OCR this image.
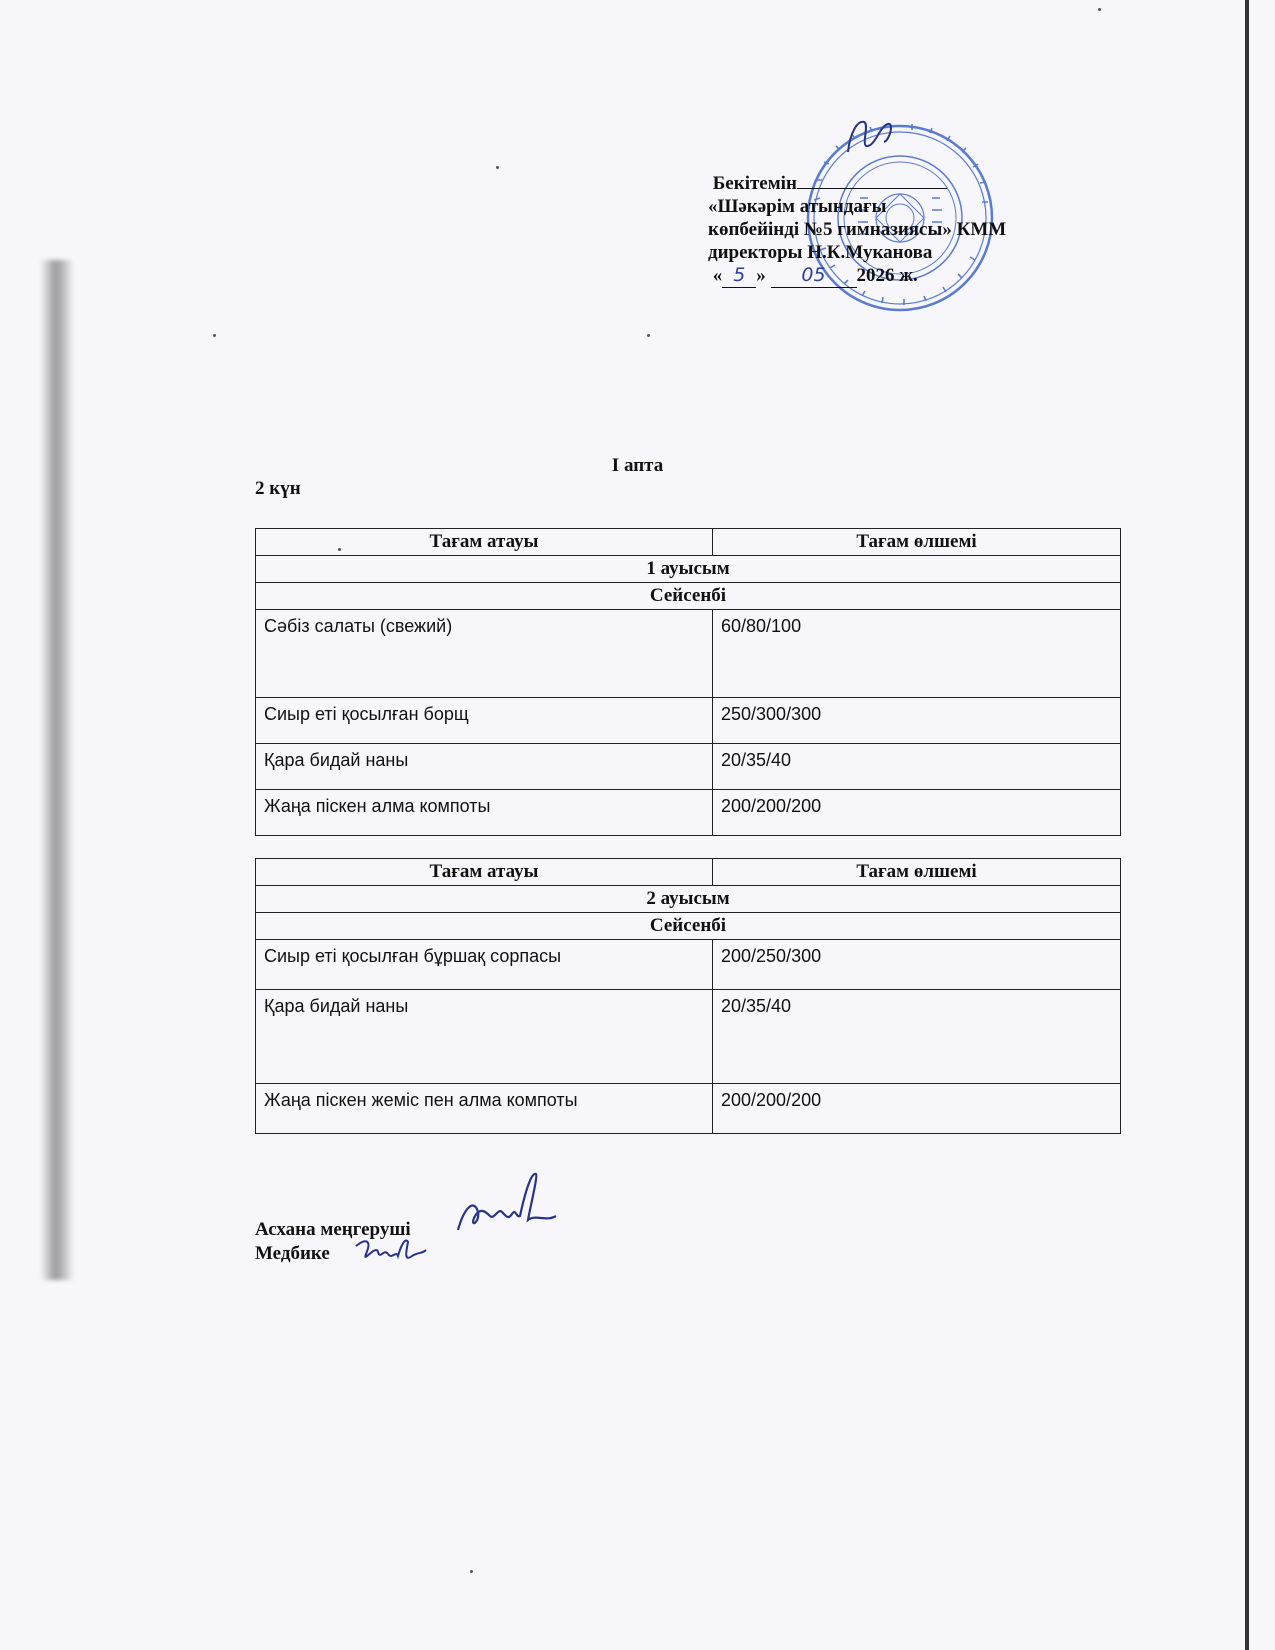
Бекітемін
«Шәкәрім атындағы
көпбейінді №5 гимназиясы» КММ
директоры Н.К.Муканова
« 5 » 05 2026 ж.
I апта
2 күн
Тағам атауы	Тағам өлшемі
1 ауысым	
Сейсенбі	
Сәбіз салаты (свежий)	60/80/100
Сиыр еті қосылған борщ	250/300/300
Қара бидай наны	20/35/40
Жаңа піскен алма компоты	200/200/200
Тағам атауы	Тағам өлшемі
2 ауысым	
Сейсенбі	
Сиыр еті қосылған бұршақ сорпасы	200/250/300
Қара бидай наны	20/35/40
Жаңа піскен жеміс пен алма компоты	200/200/200
Асхана меңгеруші
Медбике
